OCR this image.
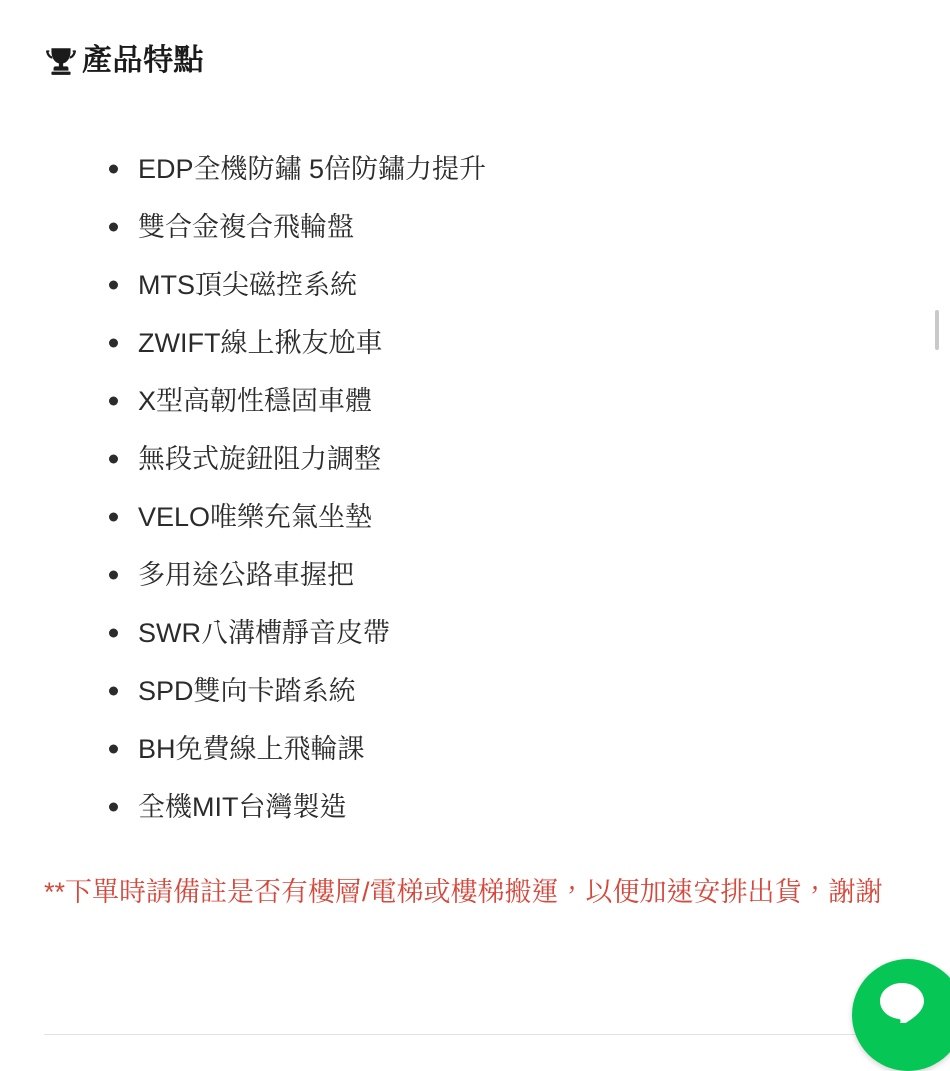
產品特點
EDP全機防鏽 5倍防鏽力提升
雙合金複合飛輪盤
MTS頂尖磁控系統
ZWIFT線上揪友尬車
X型高韌性穩固車體
無段式旋鈕阻力調整
VELO唯樂充氣坐墊
多用途公路車握把
SWR八溝槽靜音皮帶
SPD雙向卡踏系統
BH免費線上飛輪課
全機MIT台灣製造

**下單時請備註是否有樓層/電梯或樓梯搬運，以便加速安排出貨，謝謝
